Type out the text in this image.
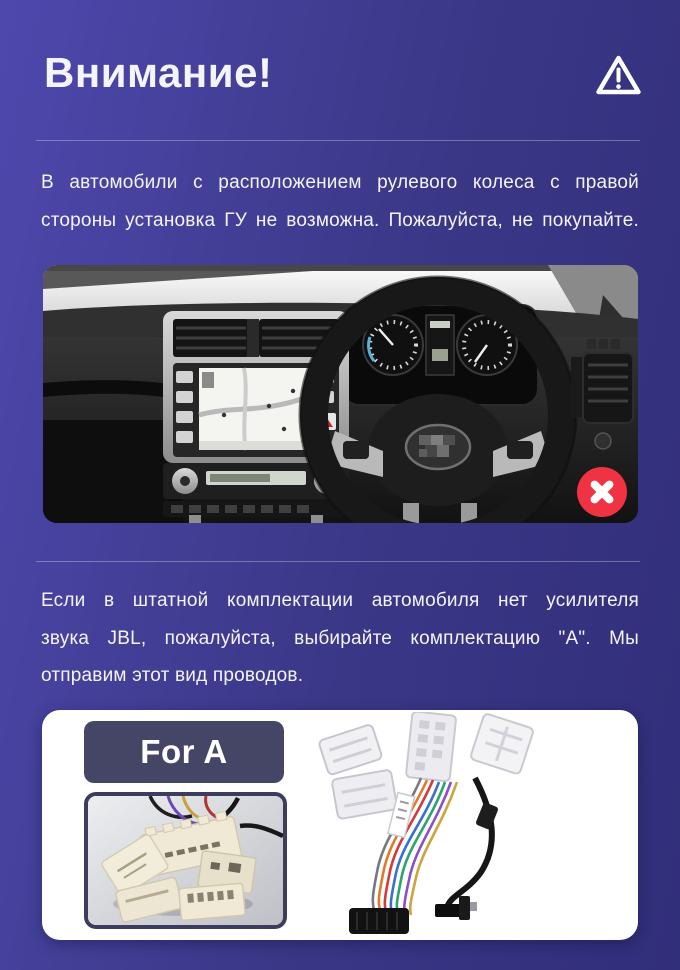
Внимание!
В автомобили с расположением рулевого колеса с правой
стороны установка ГУ не возможна. Пожалуйста, не покупайте.
Если в штатной комплектации автомобиля нет усилителя
звука JBL, пожалуйста, выбирайте комплектацию "А". Мы
отправим этот вид проводов.
For A
